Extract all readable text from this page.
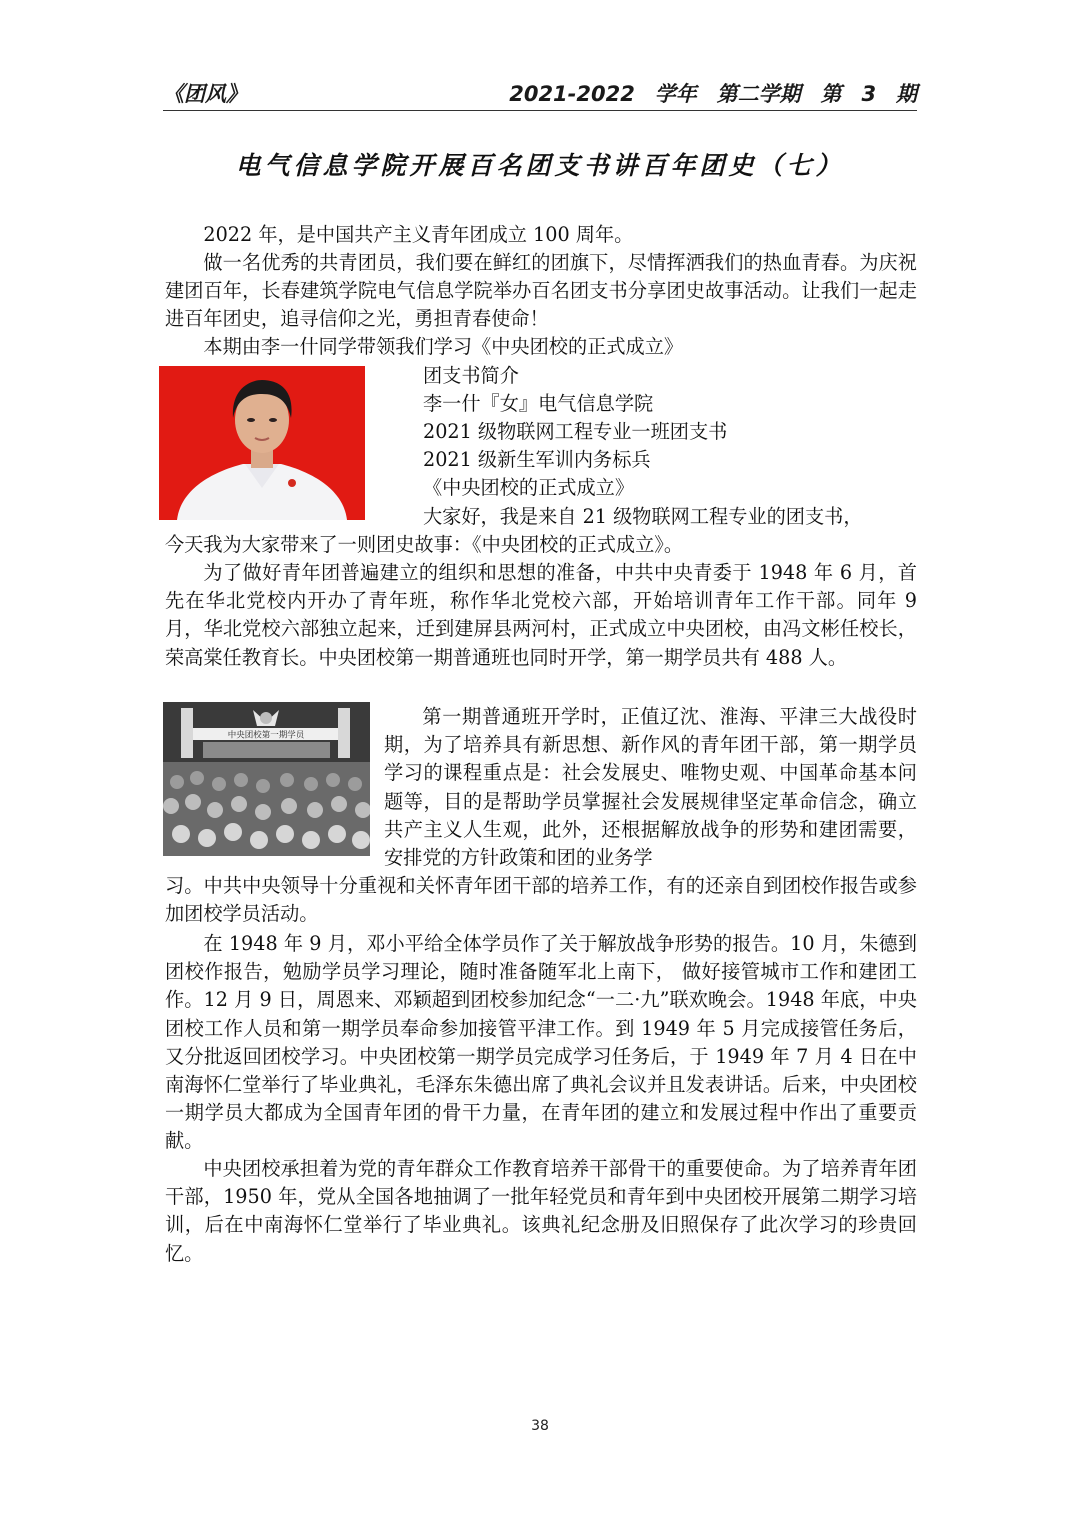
《团风》	2021-2022 学年 第二学期 第 3 期
电气信息学院开展百名团支书讲百年团史（七）
2022 年，是中国共产主义青年团成立 100 周年。
做一名优秀的共青团员，我们要在鲜红的团旗下，尽情挥洒我们的热血青春。为庆祝建团百年，长春建筑学院电气信息学院举办百名团支书分享团史故事活动。让我们一起走进百年团史，追寻信仰之光，勇担青春使命！
本期由李一什同学带领我们学习《中央团校的正式成立》
团支书简介
李一什『女』电气信息学院
2021 级物联网工程专业一班团支书
2021 级新生军训内务标兵
《中央团校的正式成立》
大家好，我是来自 21 级物联网工程专业的团支书，
今天我为大家带来了一则团史故事：《中央团校的正式成立》。
为了做好青年团普遍建立的组织和思想的准备，中共中央青委于 1948 年 6 月，首先在华北党校内开办了青年班，称作华北党校六部，开始培训青年工作干部。同年 9 月，华北党校六部独立起来，迁到建屏县两河村，正式成立中央团校，由冯文彬任校长，荣高棠任教育长。中央团校第一期普通班也同时开学，第一期学员共有 488 人。
中央团校第一期学员
第一期普通班开学时，正值辽沈、淮海、平津三大战役时期，为了培养具有新思想、新作风的青年团干部，第一期学员学习的课程重点是：社会发展史、唯物史观、中国革命基本问题等，目的是帮助学员掌握社会发展规律坚定革命信念，确立共产主义人生观，此外，还根据解放战争的形势和建团需要，安排党的方针政策和团的业务学
习。中共中央领导十分重视和关怀青年团干部的培养工作，有的还亲自到团校作报告或参加团校学员活动。
在 1948 年 9 月，邓小平给全体学员作了关于解放战争形势的报告。10 月，朱德到团校作报告，勉励学员学习理论，随时准备随军北上南下， 做好接管城市工作和建团工作。12 月 9 日，周恩来、邓颖超到团校参加纪念“一二·九”联欢晚会。1948 年底，中央团校工作人员和第一期学员奉命参加接管平津工作。到 1949 年 5 月完成接管任务后，又分批返回团校学习。中央团校第一期学员完成学习任务后，于 1949 年 7 月 4 日在中南海怀仁堂举行了毕业典礼，毛泽东朱德出席了典礼会议并且发表讲话。后来，中央团校一期学员大都成为全国青年团的骨干力量，在青年团的建立和发展过程中作出了重要贡献。
中央团校承担着为党的青年群众工作教育培养干部骨干的重要使命。为了培养青年团干部，1950 年，党从全国各地抽调了一批年轻党员和青年到中央团校开展第二期学习培训，后在中南海怀仁堂举行了毕业典礼。该典礼纪念册及旧照保存了此次学习的珍贵回忆。
38
